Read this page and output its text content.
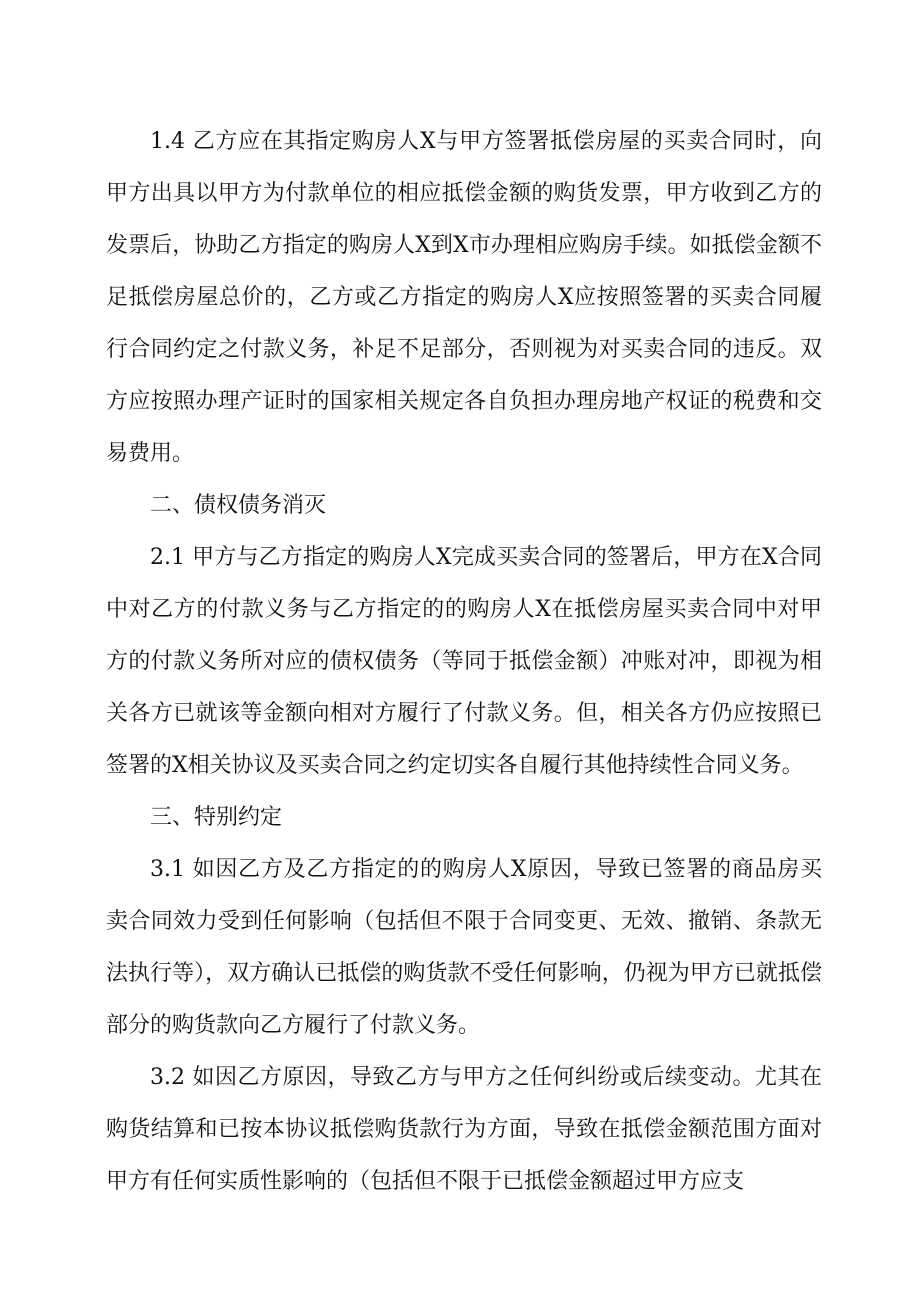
1.4 乙方应在其指定购房人X与甲方签署抵偿房屋的买卖合同时，向甲方出具以甲方为付款单位的相应抵偿金额的购货发票，甲方收到乙方的发票后，协助乙方指定的购房人X到X市办理相应购房手续。如抵偿金额不足抵偿房屋总价的，乙方或乙方指定的购房人X应按照签署的买卖合同履行合同约定之付款义务，补足不足部分，否则视为对买卖合同的违反。双方应按照办理产证时的国家相关规定各自负担办理房地产权证的税费和交易费用。

二、债权债务消灭

2.1 甲方与乙方指定的购房人X完成买卖合同的签署后，甲方在X合同中对乙方的付款义务与乙方指定的的购房人X在抵偿房屋买卖合同中对甲方的付款义务所对应的债权债务（等同于抵偿金额）冲账对冲，即视为相关各方已就该等金额向相对方履行了付款义务。但，相关各方仍应按照已签署的X相关协议及买卖合同之约定切实各自履行其他持续性合同义务。

三、特别约定

3.1 如因乙方及乙方指定的的购房人X原因，导致已签署的商品房买卖合同效力受到任何影响（包括但不限于合同变更、无效、撤销、条款无法执行等），双方确认已抵偿的购货款不受任何影响，仍视为甲方已就抵偿部分的购货款向乙方履行了付款义务。

3.2 如因乙方原因，导致乙方与甲方之任何纠纷或后续变动。尤其在购货结算和已按本协议抵偿购货款行为方面，导致在抵偿金额范围方面对甲方有任何实质性影响的（包括但不限于已抵偿金额超过甲方应支
